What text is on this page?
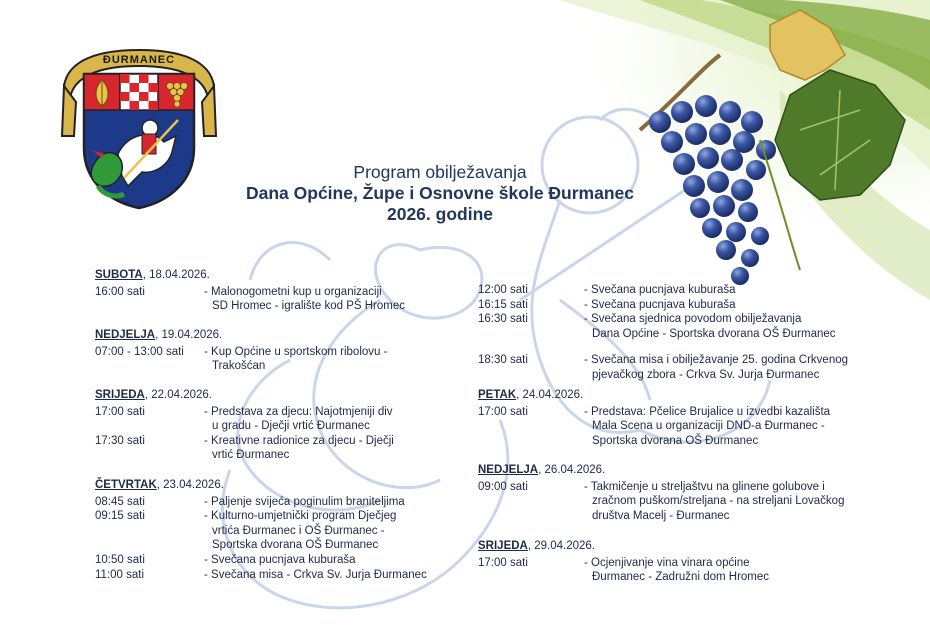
ĐURMANEC
Program obilježavanja
Dana Općine, Župe i Osnovne škole Đurmanec
2026. godine
SUBOTA, 18.04.2026.
16:00 sati	- Malonogometni kup u organizaciji
SD Hromec - igralište kod PŠ Hromec
NEDJELJA, 19.04.2026.
07:00 - 13:00 sati	- Kup Općine u sportskom ribolovu -
Trakošćan
SRIJEDA, 22.04.2026.
17:00 sati	- Predstava za djecu: Najotmjeniji div
u gradu - Dječji vrtić Đurmanec
17:30 sati	- Kreativne radionice za djecu - Dječji
vrtić Đurmanec
ČETVRTAK, 23.04.2026.
08:45 sati	- Paljenje svijeća poginulim braniteljima
09:15 sati	- Kulturno-umjetnički program Dječjeg
vrtića Đurmanec i OŠ Đurmanec -
Sportska dvorana OŠ Đurmanec
10:50 sati	- Svečana pucnjava kuburaša
11:00 sati	- Svečana misa - Crkva Sv. Jurja Đurmanec
12:00 sati	- Svečana pucnjava kuburaša
16:15 sati	- Svečana pucnjava kuburaša
16:30 sati	- Svečana sjednica povodom obilježavanja
Dana Općine - Sportska dvorana OŠ Đurmanec
18:30 sati	- Svečana misa i obilježavanje 25. godina Crkvenog
pjevačkog zbora - Crkva Sv. Jurja Đurmanec
PETAK, 24.04.2026.
17:00 sati	- Predstava: Pčelice Brujalice u izvedbi kazališta
Mala Scena u organizaciji DND-a Đurmanec -
Sportska dvorana OŠ Đurmanec
NEDJELJA, 26.04.2026.
09:00 sati	- Takmičenje u streljaštvu na glinene golubove i
zračnom puškom/streljana - na streljani Lovačkog
društva Macelj - Đurmanec
SRIJEDA, 29.04.2026.
17:00 sati	- Ocjenjivanje vina vinara općine
Đurmanec - Zadružni dom Hromec
